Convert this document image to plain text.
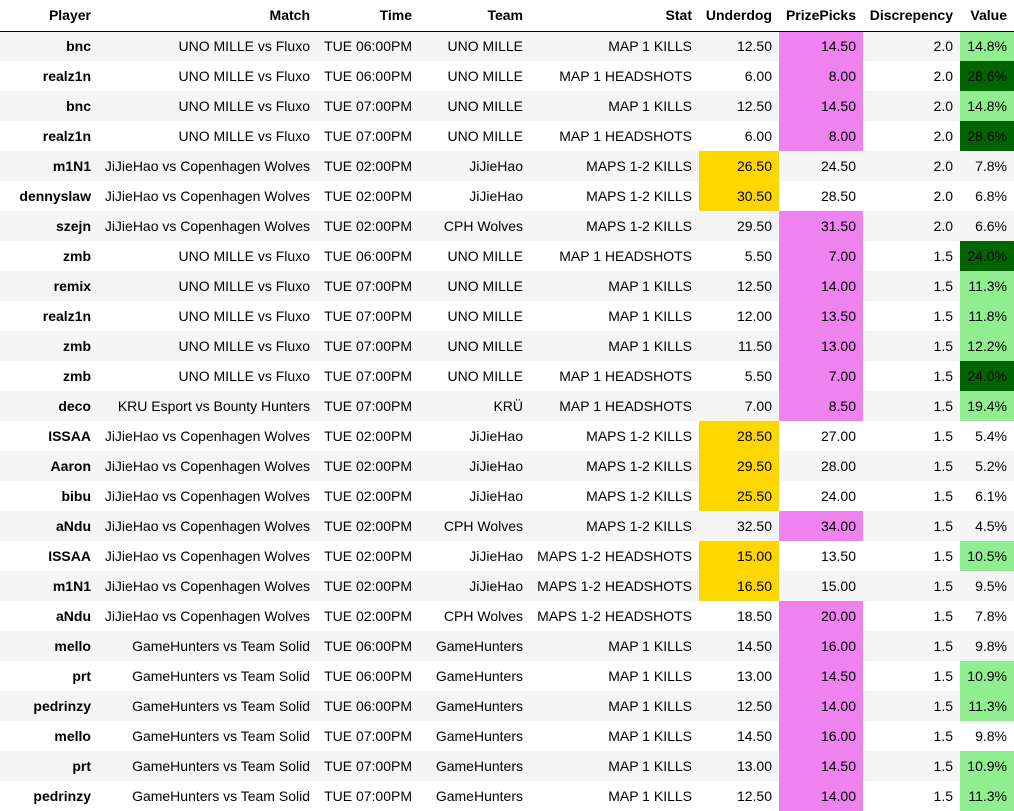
Player	Match	Time	Team	Stat	Underdog	PrizePicks	Discrepency	Value
bnc	UNO MILLE vs Fluxo	TUE 06:00PM	UNO MILLE	MAP 1 KILLS	12.50	14.50	2.0	14.8%
realz1n	UNO MILLE vs Fluxo	TUE 06:00PM	UNO MILLE	MAP 1 HEADSHOTS	6.00	8.00	2.0	28.6%
bnc	UNO MILLE vs Fluxo	TUE 07:00PM	UNO MILLE	MAP 1 KILLS	12.50	14.50	2.0	14.8%
realz1n	UNO MILLE vs Fluxo	TUE 07:00PM	UNO MILLE	MAP 1 HEADSHOTS	6.00	8.00	2.0	28.6%
m1N1	JiJieHao vs Copenhagen Wolves	TUE 02:00PM	JiJieHao	MAPS 1-2 KILLS	26.50	24.50	2.0	7.8%
dennyslaw	JiJieHao vs Copenhagen Wolves	TUE 02:00PM	JiJieHao	MAPS 1-2 KILLS	30.50	28.50	2.0	6.8%
szejn	JiJieHao vs Copenhagen Wolves	TUE 02:00PM	CPH Wolves	MAPS 1-2 KILLS	29.50	31.50	2.0	6.6%
zmb	UNO MILLE vs Fluxo	TUE 06:00PM	UNO MILLE	MAP 1 HEADSHOTS	5.50	7.00	1.5	24.0%
remix	UNO MILLE vs Fluxo	TUE 07:00PM	UNO MILLE	MAP 1 KILLS	12.50	14.00	1.5	11.3%
realz1n	UNO MILLE vs Fluxo	TUE 07:00PM	UNO MILLE	MAP 1 KILLS	12.00	13.50	1.5	11.8%
zmb	UNO MILLE vs Fluxo	TUE 07:00PM	UNO MILLE	MAP 1 KILLS	11.50	13.00	1.5	12.2%
zmb	UNO MILLE vs Fluxo	TUE 07:00PM	UNO MILLE	MAP 1 HEADSHOTS	5.50	7.00	1.5	24.0%
deco	KRU Esport vs Bounty Hunters	TUE 07:00PM	KRÜ	MAP 1 HEADSHOTS	7.00	8.50	1.5	19.4%
ISSAA	JiJieHao vs Copenhagen Wolves	TUE 02:00PM	JiJieHao	MAPS 1-2 KILLS	28.50	27.00	1.5	5.4%
Aaron	JiJieHao vs Copenhagen Wolves	TUE 02:00PM	JiJieHao	MAPS 1-2 KILLS	29.50	28.00	1.5	5.2%
bibu	JiJieHao vs Copenhagen Wolves	TUE 02:00PM	JiJieHao	MAPS 1-2 KILLS	25.50	24.00	1.5	6.1%
aNdu	JiJieHao vs Copenhagen Wolves	TUE 02:00PM	CPH Wolves	MAPS 1-2 KILLS	32.50	34.00	1.5	4.5%
ISSAA	JiJieHao vs Copenhagen Wolves	TUE 02:00PM	JiJieHao	MAPS 1-2 HEADSHOTS	15.00	13.50	1.5	10.5%
m1N1	JiJieHao vs Copenhagen Wolves	TUE 02:00PM	JiJieHao	MAPS 1-2 HEADSHOTS	16.50	15.00	1.5	9.5%
aNdu	JiJieHao vs Copenhagen Wolves	TUE 02:00PM	CPH Wolves	MAPS 1-2 HEADSHOTS	18.50	20.00	1.5	7.8%
mello	GameHunters vs Team Solid	TUE 06:00PM	GameHunters	MAP 1 KILLS	14.50	16.00	1.5	9.8%
prt	GameHunters vs Team Solid	TUE 06:00PM	GameHunters	MAP 1 KILLS	13.00	14.50	1.5	10.9%
pedrinzy	GameHunters vs Team Solid	TUE 06:00PM	GameHunters	MAP 1 KILLS	12.50	14.00	1.5	11.3%
mello	GameHunters vs Team Solid	TUE 07:00PM	GameHunters	MAP 1 KILLS	14.50	16.00	1.5	9.8%
prt	GameHunters vs Team Solid	TUE 07:00PM	GameHunters	MAP 1 KILLS	13.00	14.50	1.5	10.9%
pedrinzy	GameHunters vs Team Solid	TUE 07:00PM	GameHunters	MAP 1 KILLS	12.50	14.00	1.5	11.3%
